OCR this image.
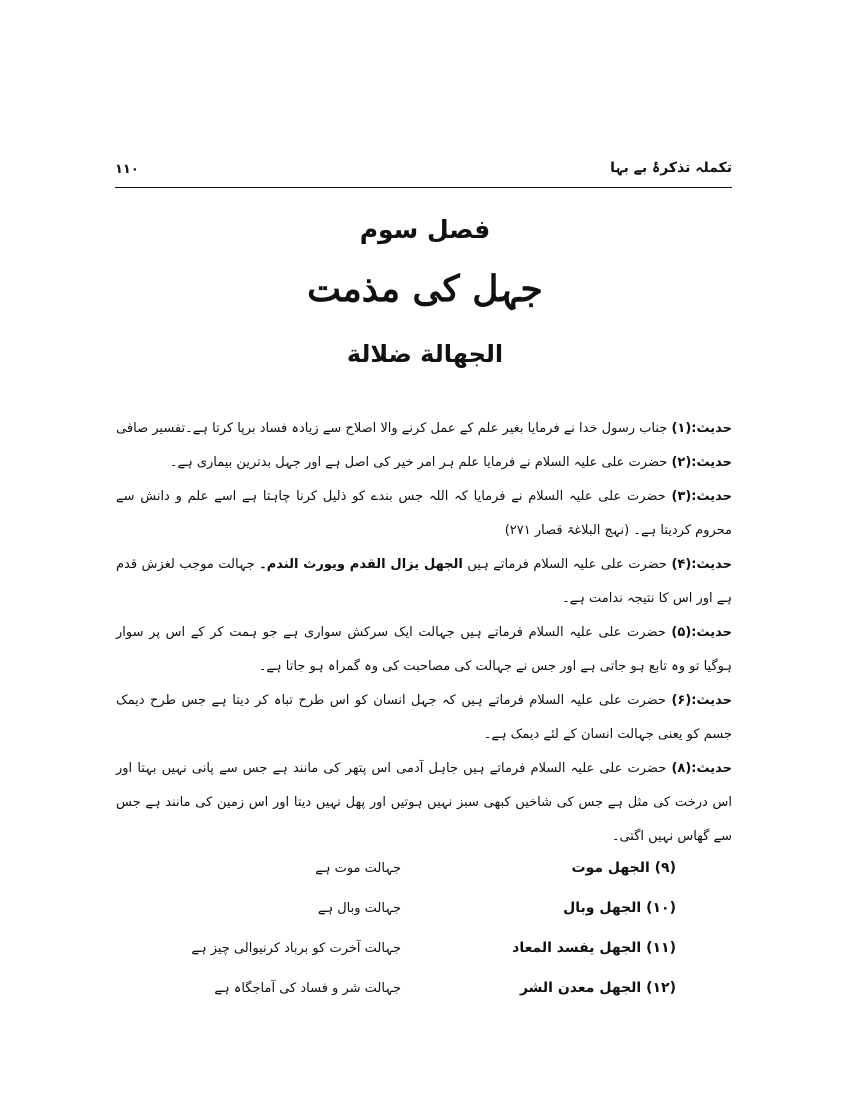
۱۱۰	تکملہ تذکرۂ بے بہا
فصل سوم
جہل کی مذمت
الجهالة ضلالة

حدیث:(۱) جناب رسول خدا نے فرمایا بغیر علم کے عمل کرنے والا اصلاح سے زیادہ فساد برپا کرتا ہے۔تفسیر صافی

حدیث:(۲) حضرت علی علیہ السلام نے فرمایا علم ہر امر خیر کی اصل ہے اور جہل بدترین بیماری ہے۔

حدیث:(۳) حضرت علی علیہ السلام نے فرمایا کہ اللہ جس بندے کو ذلیل کرنا چاہتا ہے اسے علم و دانش سے محروم کردیتا ہے۔ (نہج البلاغۃ قصار ۲۷۱)

حدیث:(۴) حضرت علی علیہ السلام فرماتے ہیں الجهل يزال القدم ويورث الندم۔ جہالت موجب لغزش قدم ہے اور اس کا نتیجہ ندامت ہے۔

حدیث:(۵) حضرت علی علیہ السلام فرماتے ہیں جہالت ایک سرکش سواری ہے جو ہمت کر کے اس پر سوار ہوگیا تو وہ تابع ہو جاتی ہے اور جس نے جہالت کی مصاحبت کی وہ گمراہ ہو جاتا ہے۔

حدیث:(۶) حضرت علی علیہ السلام فرماتے ہیں کہ جہل انسان کو اس طرح تباہ کر دیتا ہے جس طرح دیمک جسم کو یعنی جہالت انسان کے لئے دیمک ہے۔

حدیث:(۸) حضرت علی علیہ السلام فرماتے ہیں جاہل آدمی اس پتھر کی مانند ہے جس سے پانی نہیں بہتا اور اس درخت کی مثل ہے جس کی شاخیں کبھی سبز نہیں ہوتیں اور پھل نہیں دیتا اور اس زمین کی مانند ہے جس سے گھاس نہیں اگتی۔

(۹) الجهل موت
جہالت موت ہے
(۱۰) الجهل وبال
جہالت وبال ہے
(۱۱) الجهل يفسد المعاد
جہالت آخرت کو برباد کرنیوالی چیز ہے
(۱۲) الجهل معدن الشر
جہالت شر و فساد کی آماجگاہ ہے
